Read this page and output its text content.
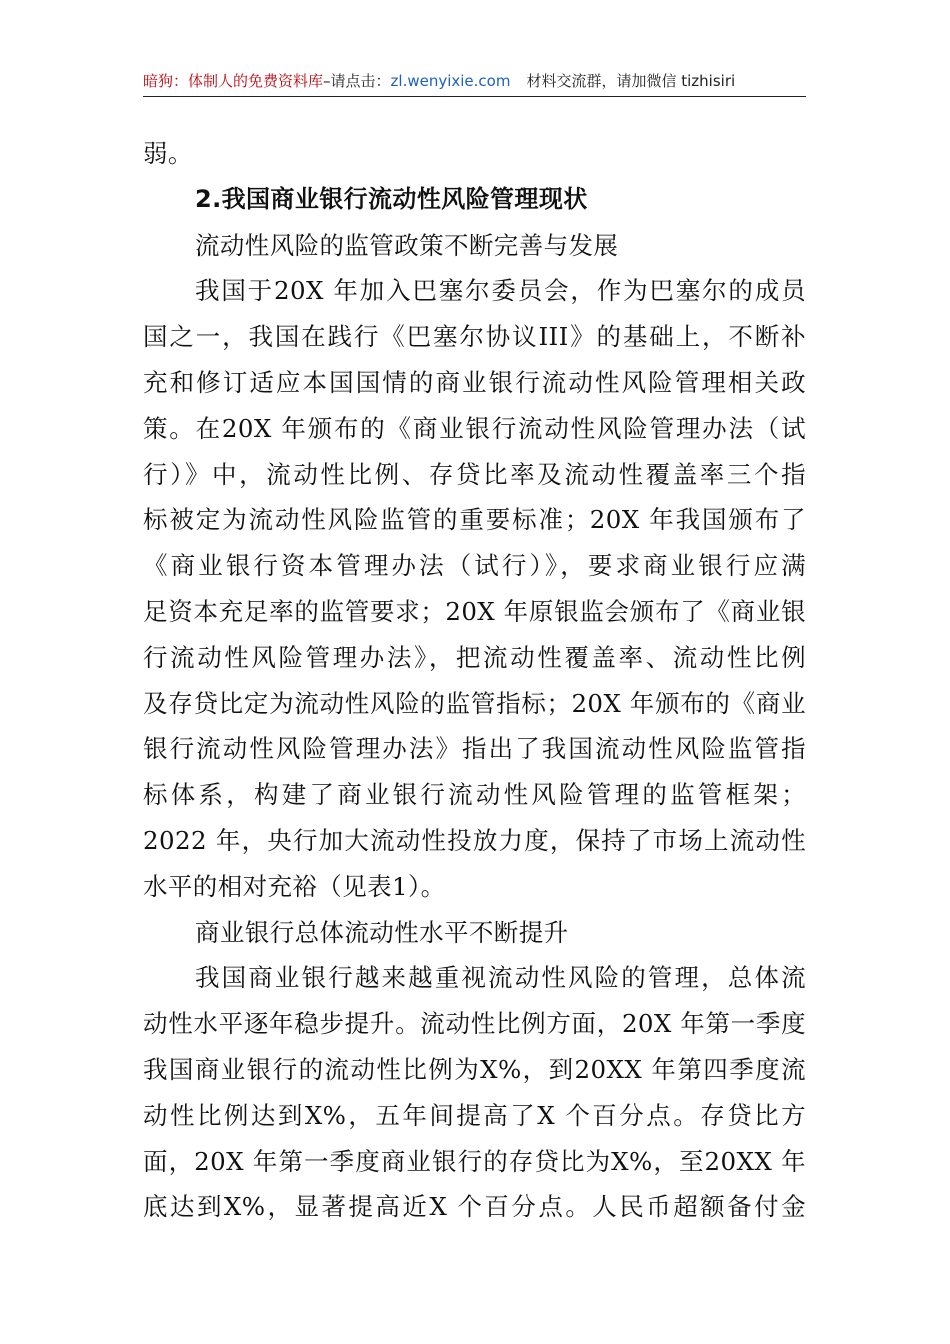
暗狗：体制人的免费资料库–请点击：zl.wenyixie.com 材料交流群，请加微信 tizhisiri
弱。
2.我国商业银行流动性风险管理现状
流动性风险的监管政策不断完善与发展
我国于20X 年加入巴塞尔委员会，作为巴塞尔的成员
国之一，我国在践行《巴塞尔协议III》的基础上，不断补
充和修订适应本国国情的商业银行流动性风险管理相关政
策。在20X 年颁布的《商业银行流动性风险管理办法（试
行）》中，流动性比例、存贷比率及流动性覆盖率三个指
标被定为流动性风险监管的重要标准；20X 年我国颁布了
《商业银行资本管理办法（试行）》，要求商业银行应满
足资本充足率的监管要求；20X 年原银监会颁布了《商业银
行流动性风险管理办法》，把流动性覆盖率、流动性比例
及存贷比定为流动性风险的监管指标；20X 年颁布的《商业
银行流动性风险管理办法》指出了我国流动性风险监管指
标体系，构建了商业银行流动性风险管理的监管框架；
2022 年，央行加大流动性投放力度，保持了市场上流动性
水平的相对充裕（见表1）。
商业银行总体流动性水平不断提升
我国商业银行越来越重视流动性风险的管理，总体流
动性水平逐年稳步提升。流动性比例方面，20X 年第一季度
我国商业银行的流动性比例为X%，到20XX 年第四季度流
动性比例达到X%，五年间提高了X 个百分点。存贷比方
面，20X 年第一季度商业银行的存贷比为X%，至20XX 年
底达到X%，显著提高近X 个百分点。人民币超额备付金
